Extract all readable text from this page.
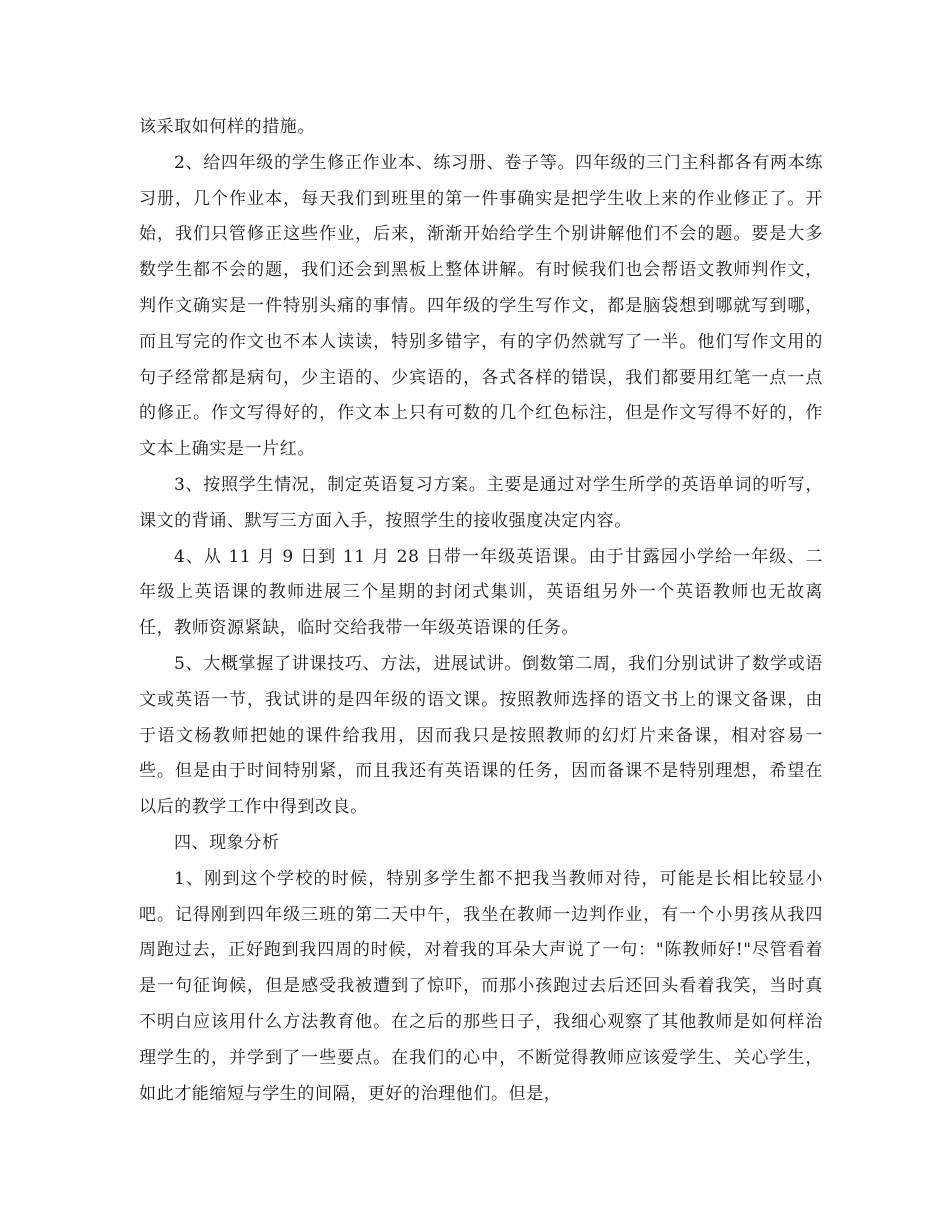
该采取如何样的措施。

2、给四年级的学生修正作业本、练习册、卷子等。四年级的三门主科都各有两本练习册，几个作业本，每天我们到班里的第一件事确实是把学生收上来的作业修正了。开始，我们只管修正这些作业，后来，渐渐开始给学生个别讲解他们不会的题。要是大多数学生都不会的题，我们还会到黑板上整体讲解。有时候我们也会帮语文教师判作文，判作文确实是一件特别头痛的事情。四年级的学生写作文，都是脑袋想到哪就写到哪，而且写完的作文也不本人读读，特别多错字，有的字仍然就写了一半。他们写作文用的句子经常都是病句，少主语的、少宾语的，各式各样的错误，我们都要用红笔一点一点的修正。作文写得好的，作文本上只有可数的几个红色标注，但是作文写得不好的，作文本上确实是一片红。

3、按照学生情况，制定英语复习方案。主要是通过对学生所学的英语单词的听写，课文的背诵、默写三方面入手，按照学生的接收强度决定内容。

4、从 11 月 9 日到 11 月 28 日带一年级英语课。由于甘露园小学给一年级、二年级上英语课的教师进展三个星期的封闭式集训，英语组另外一个英语教师也无故离任，教师资源紧缺，临时交给我带一年级英语课的任务。

5、大概掌握了讲课技巧、方法，进展试讲。倒数第二周，我们分别试讲了数学或语文或英语一节，我试讲的是四年级的语文课。按照教师选择的语文书上的课文备课，由于语文杨教师把她的课件给我用，因而我只是按照教师的幻灯片来备课，相对容易一些。但是由于时间特别紧，而且我还有英语课的任务，因而备课不是特别理想，希望在以后的教学工作中得到改良。

四、现象分析

1、刚到这个学校的时候，特别多学生都不把我当教师对待，可能是长相比较显小吧。记得刚到四年级三班的第二天中午，我坐在教师一边判作业，有一个小男孩从我四周跑过去，正好跑到我四周的时候，对着我的耳朵大声说了一句："陈教师好!"尽管看着是一句征询候，但是感受我被遭到了惊吓，而那小孩跑过去后还回头看着我笑，当时真不明白应该用什么方法教育他。在之后的那些日子，我细心观察了其他教师是如何样治理学生的，并学到了一些要点。在我们的心中，不断觉得教师应该爱学生、关心学生，如此才能缩短与学生的间隔，更好的治理他们。但是，
